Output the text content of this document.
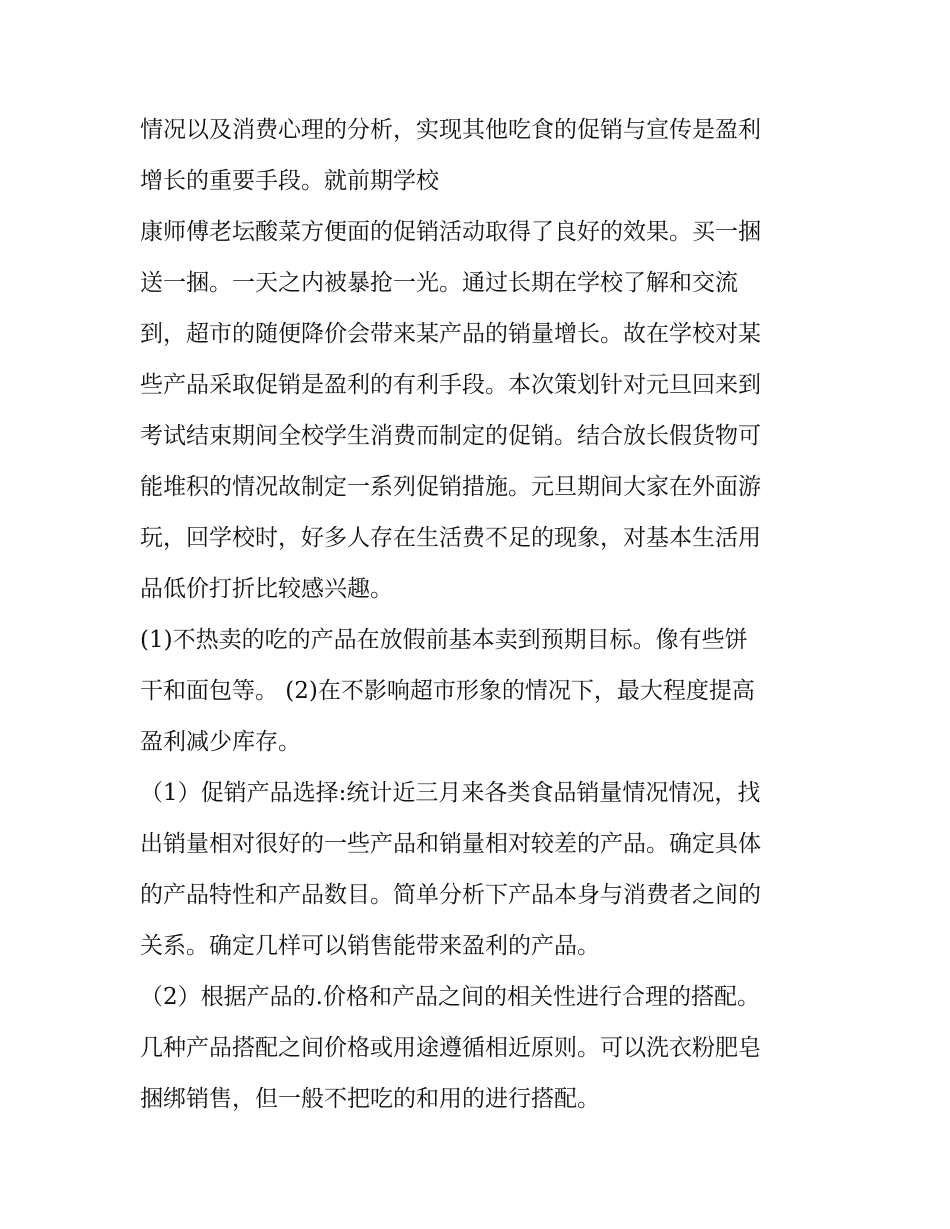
情况以及消费心理的分析，实现其他吃食的促销与宣传是盈利
增长的重要手段。就前期学校
康师傅老坛酸菜方便面的促销活动取得了良好的效果。买一捆
送一捆。一天之内被暴抢一光。通过长期在学校了解和交流
到，超市的随便降价会带来某产品的销量增长。故在学校对某
些产品采取促销是盈利的有利手段。本次策划针对元旦回来到
考试结束期间全校学生消费而制定的促销。结合放长假货物可
能堆积的情况故制定一系列促销措施。元旦期间大家在外面游
玩，回学校时，好多人存在生活费不足的现象，对基本生活用
品低价打折比较感兴趣。
(1)不热卖的吃的产品在放假前基本卖到预期目标。像有些饼
干和面包等。 (2)在不影响超市形象的情况下，最大程度提高
盈利减少库存。
（1）促销产品选择:统计近三月来各类食品销量情况情况，找
出销量相对很好的一些产品和销量相对较差的产品。确定具体
的产品特性和产品数目。简单分析下产品本身与消费者之间的
关系。确定几样可以销售能带来盈利的产品。
（2）根据产品的.价格和产品之间的相关性进行合理的搭配。
几种产品搭配之间价格或用途遵循相近原则。可以洗衣粉肥皂
捆绑销售，但一般不把吃的和用的进行搭配。
